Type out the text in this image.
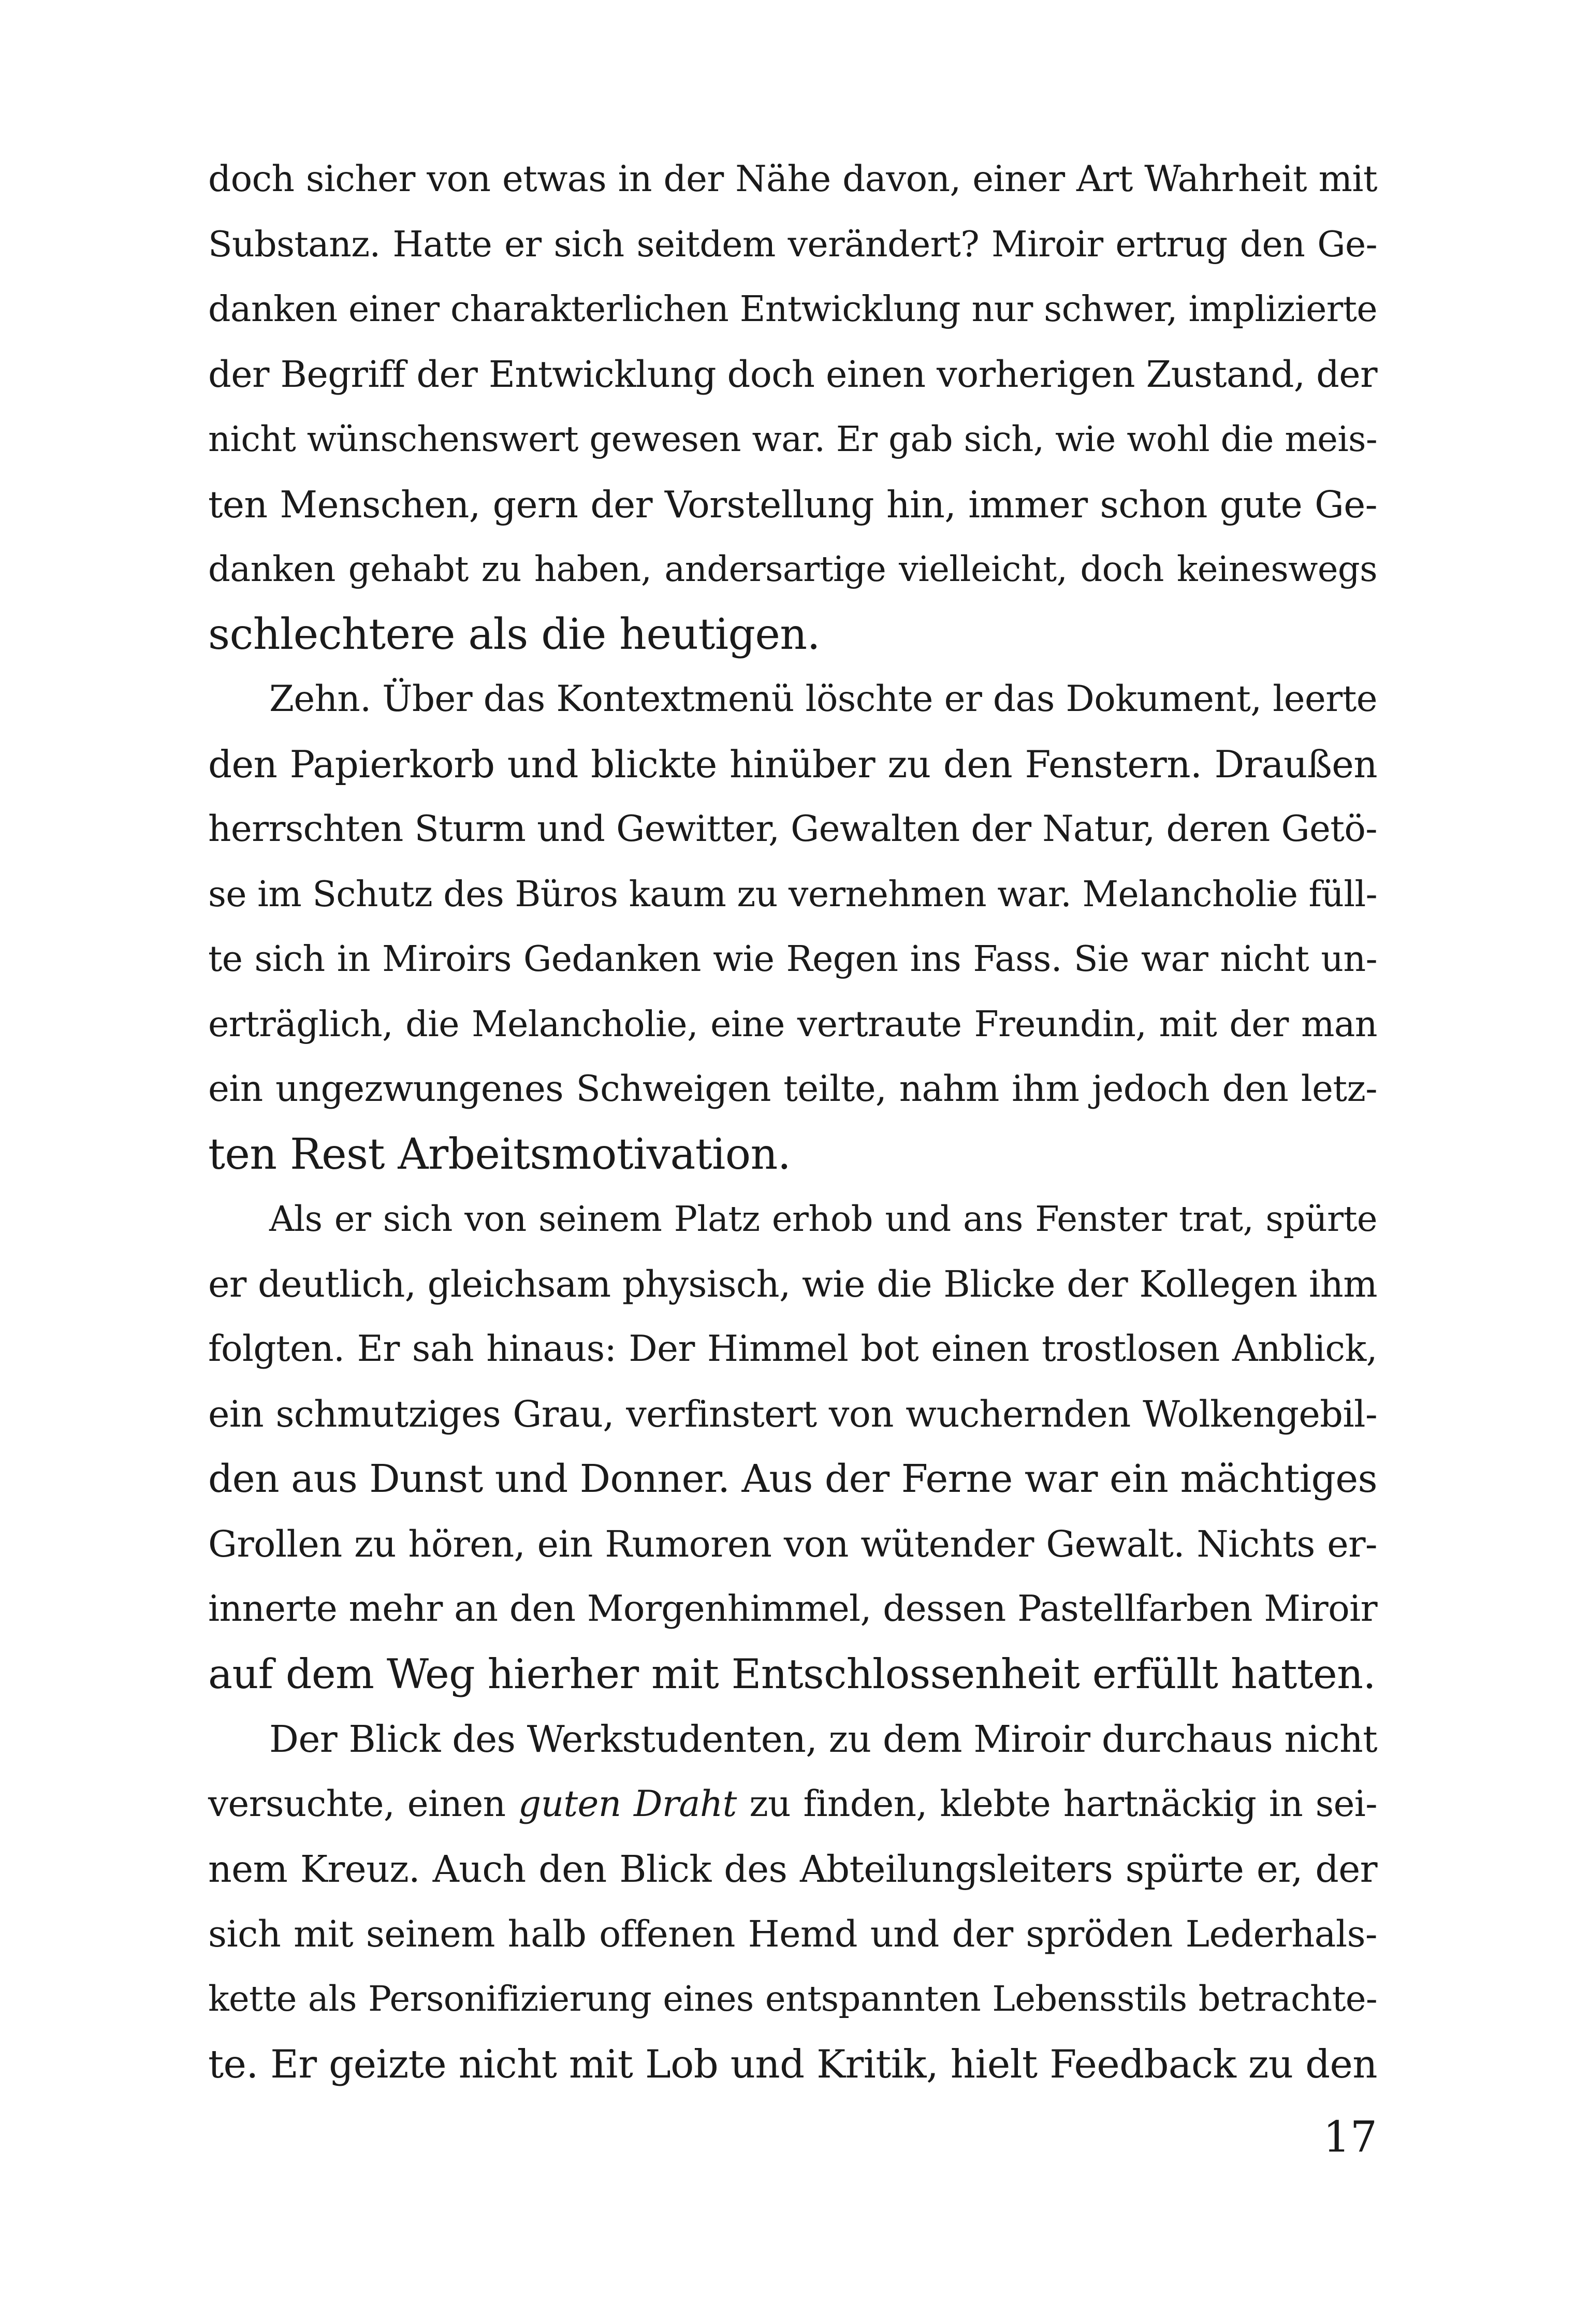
doch sicher von etwas in der Nähe davon, einer Art Wahrheit mit
Substanz. Hatte er sich seitdem verändert? Miroir ertrug den Ge-
danken einer charakterlichen Entwicklung nur schwer, implizierte
der Begriff der Entwicklung doch einen vorherigen Zustand, der
nicht wünschenswert gewesen war. Er gab sich, wie wohl die meis-
ten Menschen, gern der Vorstellung hin, immer schon gute Ge-
danken gehabt zu haben, andersartige vielleicht, doch keineswegs
schlechtere als die heutigen.
Zehn. Über das Kontextmenü löschte er das Dokument, leerte
den Papierkorb und blickte hinüber zu den Fenstern. Draußen
herrschten Sturm und Gewitter, Gewalten der Natur, deren Getö-
se im Schutz des Büros kaum zu vernehmen war. Melancholie füll-
te sich in Miroirs Gedanken wie Regen ins Fass. Sie war nicht un-
erträglich, die Melancholie, eine vertraute Freundin, mit der man
ein ungezwungenes Schweigen teilte, nahm ihm jedoch den letz-
ten Rest Arbeitsmotivation.
Als er sich von seinem Platz erhob und ans Fenster trat, spürte
er deutlich, gleichsam physisch, wie die Blicke der Kollegen ihm
folgten. Er sah hinaus: Der Himmel bot einen trostlosen Anblick,
ein schmutziges Grau, verfinstert von wuchernden Wolkengebil-
den aus Dunst und Donner. Aus der Ferne war ein mächtiges
Grollen zu hören, ein Rumoren von wütender Gewalt. Nichts er-
innerte mehr an den Morgenhimmel, dessen Pastellfarben Miroir
auf dem Weg hierher mit Entschlossenheit erfüllt hatten.
Der Blick des Werkstudenten, zu dem Miroir durchaus nicht
versuchte, einen guten Draht zu finden, klebte hartnäckig in sei-
nem Kreuz. Auch den Blick des Abteilungsleiters spürte er, der
sich mit seinem halb offenen Hemd und der spröden Lederhals-
kette als Personifizierung eines entspannten Lebensstils betrachte-
te. Er geizte nicht mit Lob und Kritik, hielt Feedback zu den
17
